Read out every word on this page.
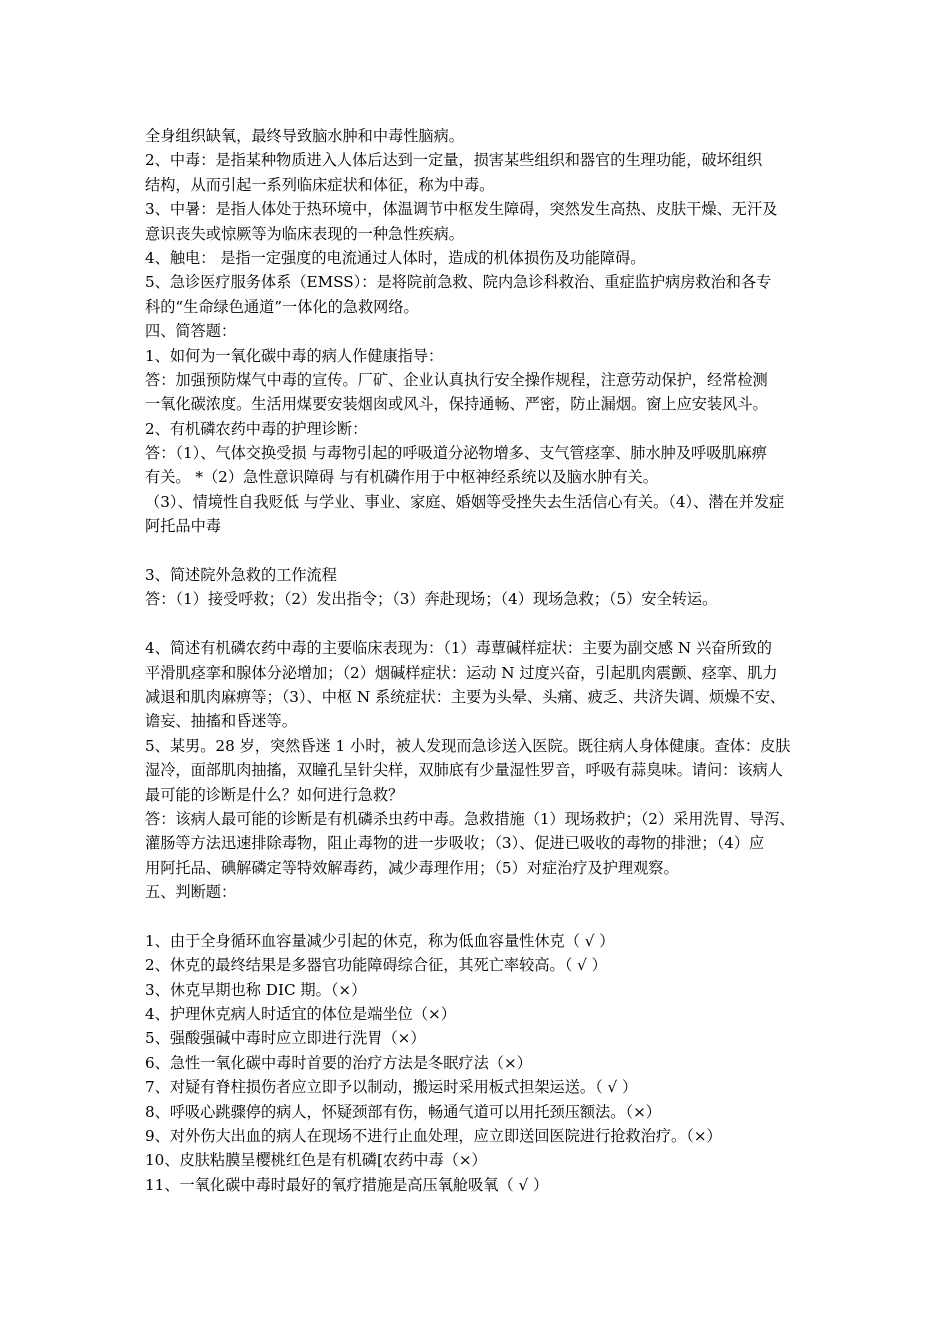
全身组织缺氧，最终导致脑水肿和中毒性脑病。
2、中毒：是指某种物质进入人体后达到一定量，损害某些组织和器官的生理功能，破坏组织
结构，从而引起一系列临床症状和体征，称为中毒。
3、中暑：是指人体处于热环境中，体温调节中枢发生障碍，突然发生高热、皮肤干燥、无汗及
意识丧失或惊厥等为临床表现的一种急性疾病。
4、触电： 是指一定强度的电流通过人体时，造成的机体损伤及功能障碍。
5、急诊医疗服务体系（EMSS）：是将院前急救、院内急诊科救治、重症监护病房救治和各专
科的“生命绿色通道”一体化的急救网络。
四、简答题：
1、如何为一氧化碳中毒的病人作健康指导：
答：加强预防煤气中毒的宣传。厂矿、企业认真执行安全操作规程，注意劳动保护，经常检测
一氧化碳浓度。生活用煤要安装烟囱或风斗，保持通畅、严密，防止漏烟。窗上应安装风斗。
2、有机磷农药中毒的护理诊断：
答：（1）、气体交换受损 与毒物引起的呼吸道分泌物增多、支气管痉挛、肺水肿及呼吸肌麻痹
有关。 *（2）急性意识障碍 与有机磷作用于中枢神经系统以及脑水肿有关。
（3）、情境性自我贬低 与学业、事业、家庭、婚姻等受挫失去生活信心有关。（4）、潜在并发症
阿托品中毒
3、简述院外急救的工作流程
答：（1）接受呼救；（2）发出指令；（3）奔赴现场；（4）现场急救；（5）安全转运。
4、简述有机磷农药中毒的主要临床表现为：（1）毒蕈碱样症状：主要为副交感 N 兴奋所致的
平滑肌痉挛和腺体分泌增加；（2）烟碱样症状：运动 N 过度兴奋，引起肌肉震颤、痉挛、肌力
减退和肌肉麻痹等；（3）、中枢 N 系统症状：主要为头晕、头痛、疲乏、共济失调、烦燥不安、
谵妄、抽搐和昏迷等。
5、某男。28 岁，突然昏迷 1 小时，被人发现而急诊送入医院。既往病人身体健康。查体：皮肤
湿冷，面部肌肉抽搐，双瞳孔呈针尖样，双肺底有少量湿性罗音，呼吸有蒜臭味。请问：该病人
最可能的诊断是什么？如何进行急救？
答：该病人最可能的诊断是有机磷杀虫药中毒。急救措施（1）现场救护；（2）采用洗胃、导泻、
灌肠等方法迅速排除毒物，阻止毒物的进一步吸收；（3）、促进已吸收的毒物的排泄；（4）应
用阿托品、碘解磷定等特效解毒药，减少毒理作用；（5）对症治疗及护理观察。
五、判断题：
1、由于全身循环血容量减少引起的休克，称为低血容量性休克（ √ ）
2、休克的最终结果是多器官功能障碍综合征，其死亡率较高。（ √ ）
3、休克早期也称 DIC 期。（×）
4、护理休克病人时适宜的体位是端坐位（×）
5、强酸强碱中毒时应立即进行洗胃（×）
6、急性一氧化碳中毒时首要的治疗方法是冬眠疗法（×）
7、对疑有脊柱损伤者应立即予以制动，搬运时采用板式担架运送。（ √ ）
8、呼吸心跳骤停的病人，怀疑颈部有伤，畅通气道可以用托颈压额法。（×）
9、对外伤大出血的病人在现场不进行止血处理，应立即送回医院进行抢救治疗。（×）
10、皮肤粘膜呈樱桃红色是有机磷[农药中毒（×）
11、一氧化碳中毒时最好的氧疗措施是高压氧舱吸氧（ √ ）
